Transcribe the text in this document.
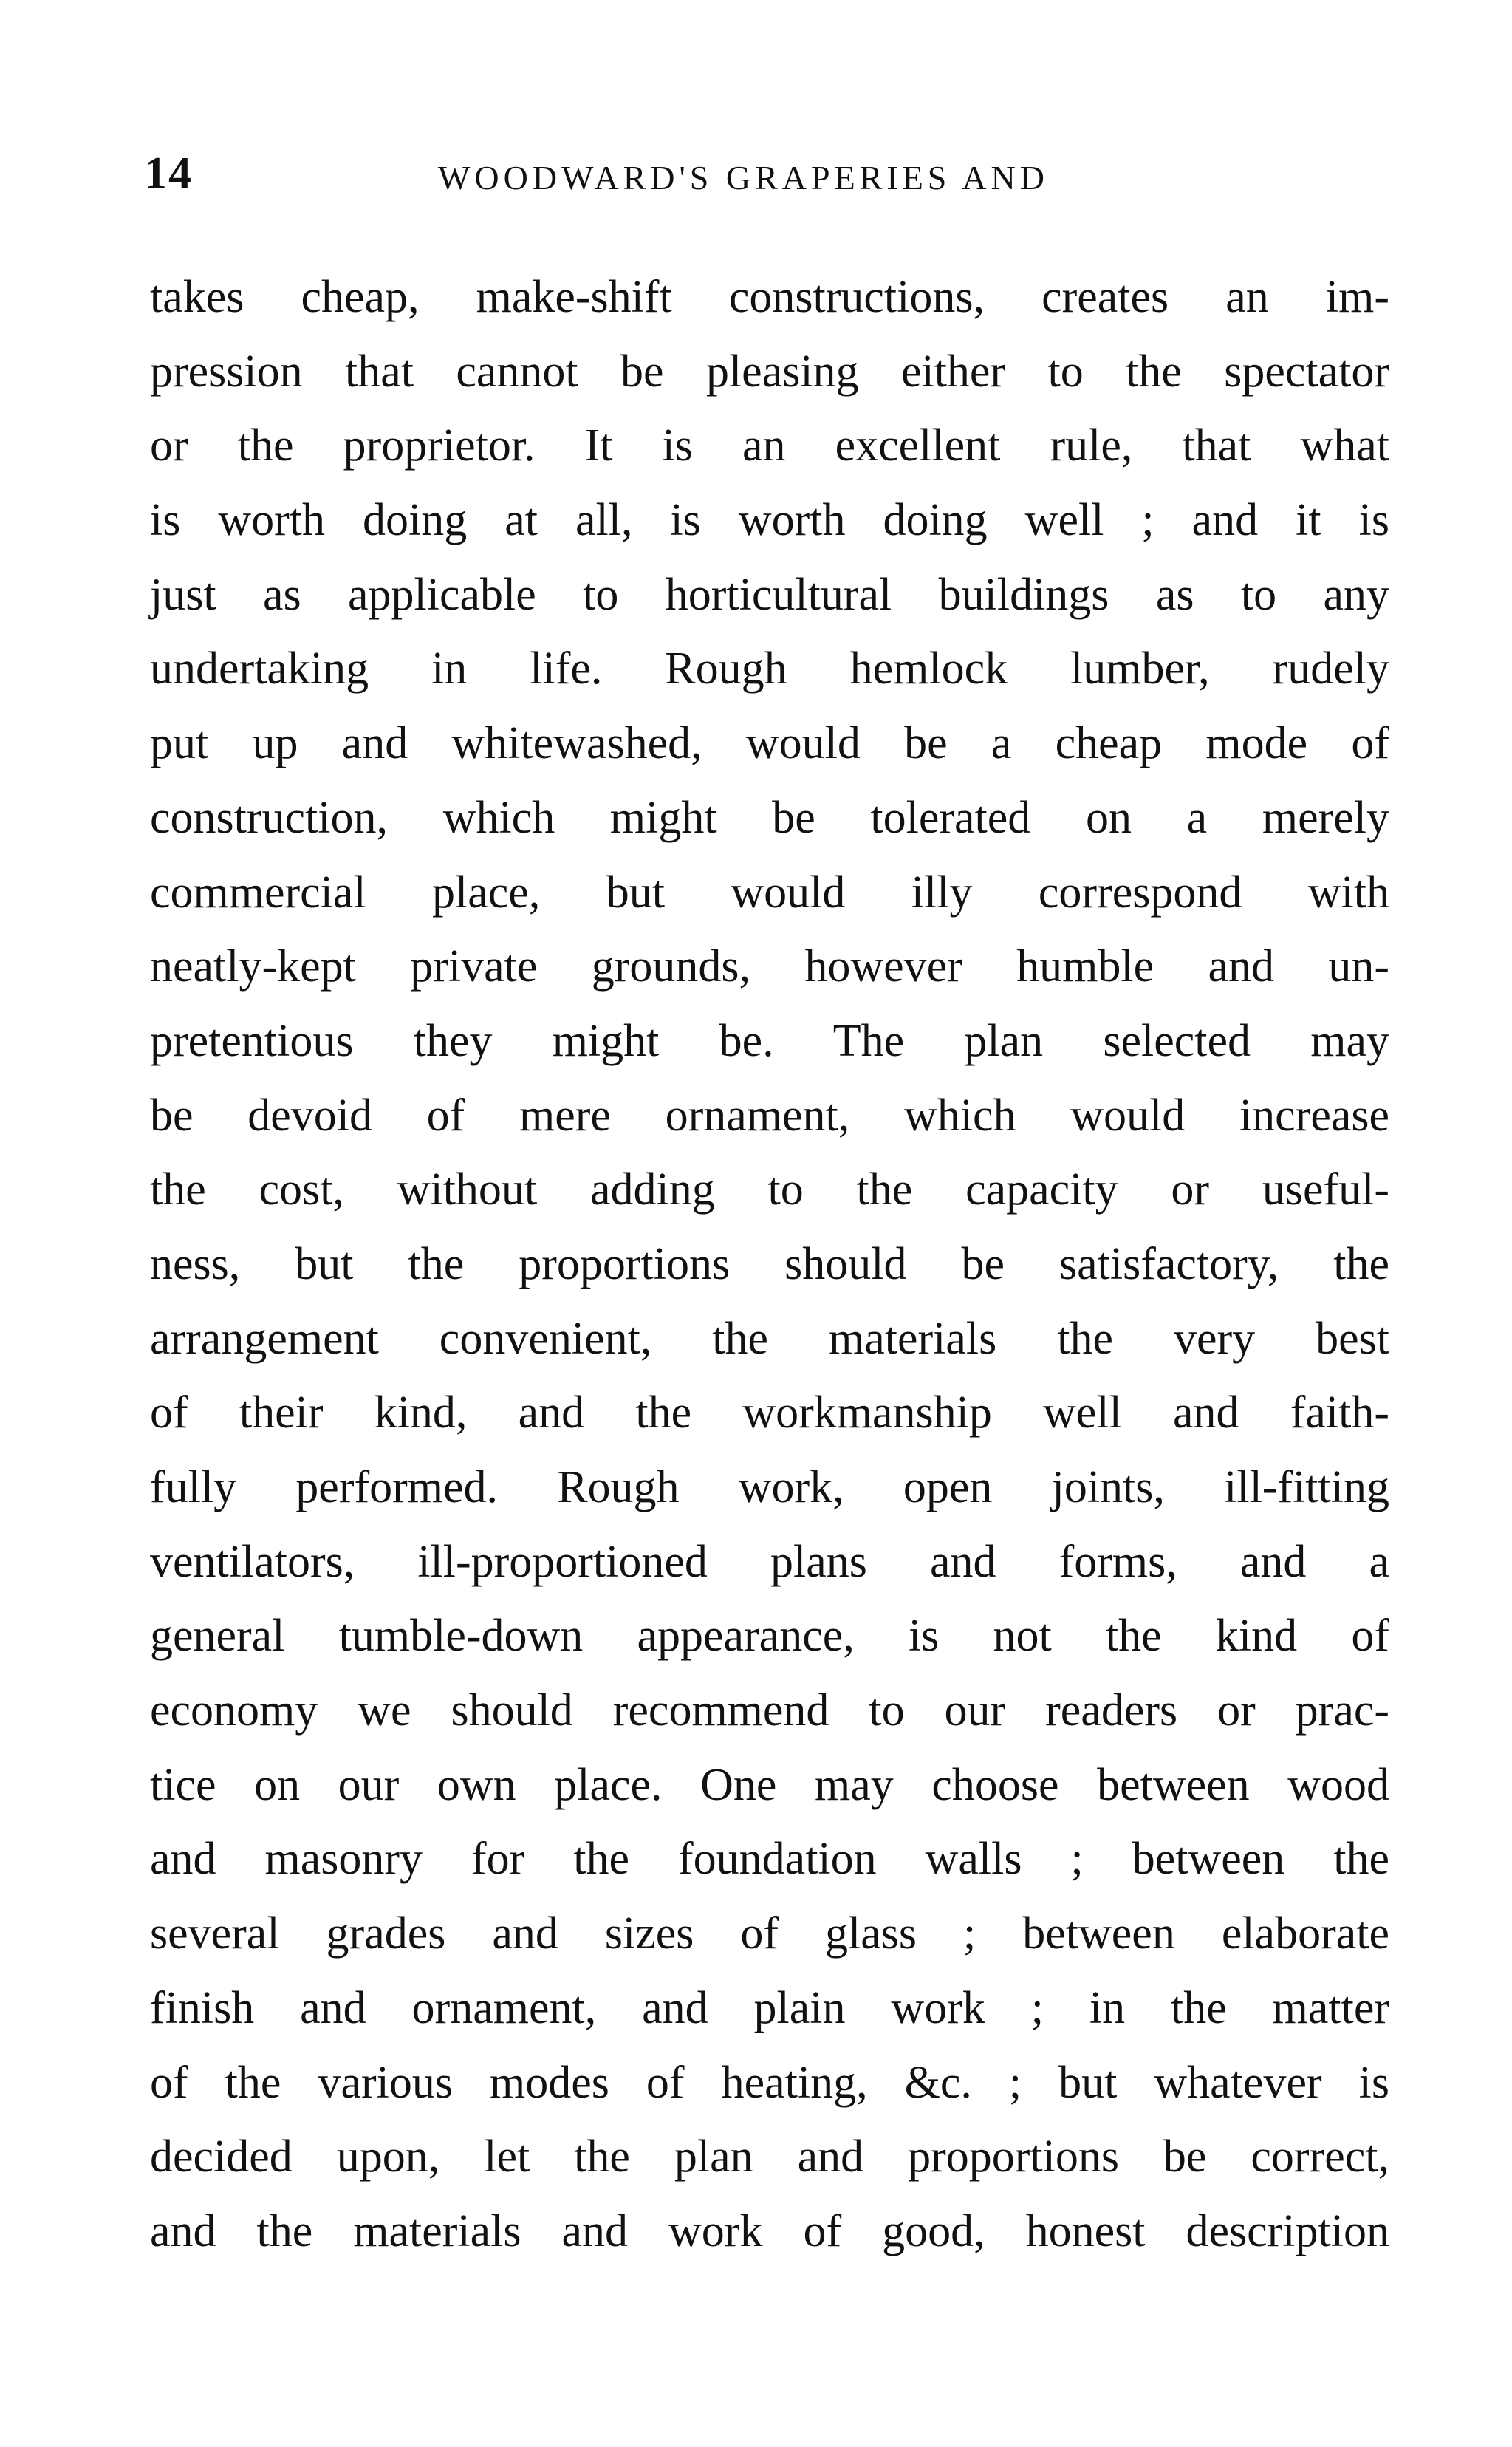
14	WOODWARD'S GRAPERIES AND
takes cheap, make-shift constructions, creates an im-
pression that cannot be pleasing either to the spectator
or the proprietor. It is an excellent rule, that what
is worth doing at all, is worth doing well ; and it is
just as applicable to horticultural buildings as to any
undertaking in life. Rough hemlock lumber, rudely
put up and whitewashed, would be a cheap mode of
construction, which might be tolerated on a merely
commercial place, but would illy correspond with
neatly-kept private grounds, however humble and un-
pretentious they might be. The plan selected may
be devoid of mere ornament, which would increase
the cost, without adding to the capacity or useful-
ness, but the proportions should be satisfactory, the
arrangement convenient, the materials the very best
of their kind, and the workmanship well and faith-
fully performed. Rough work, open joints, ill-fitting
ventilators, ill-proportioned plans and forms, and a
general tumble-down appearance, is not the kind of
economy we should recommend to our readers or prac-
tice on our own place. One may choose between wood
and masonry for the foundation walls ; between the
several grades and sizes of glass ; between elaborate
finish and ornament, and plain work ; in the matter
of the various modes of heating, &c. ; but whatever is
decided upon, let the plan and proportions be correct,
and the materials and work of good, honest description
